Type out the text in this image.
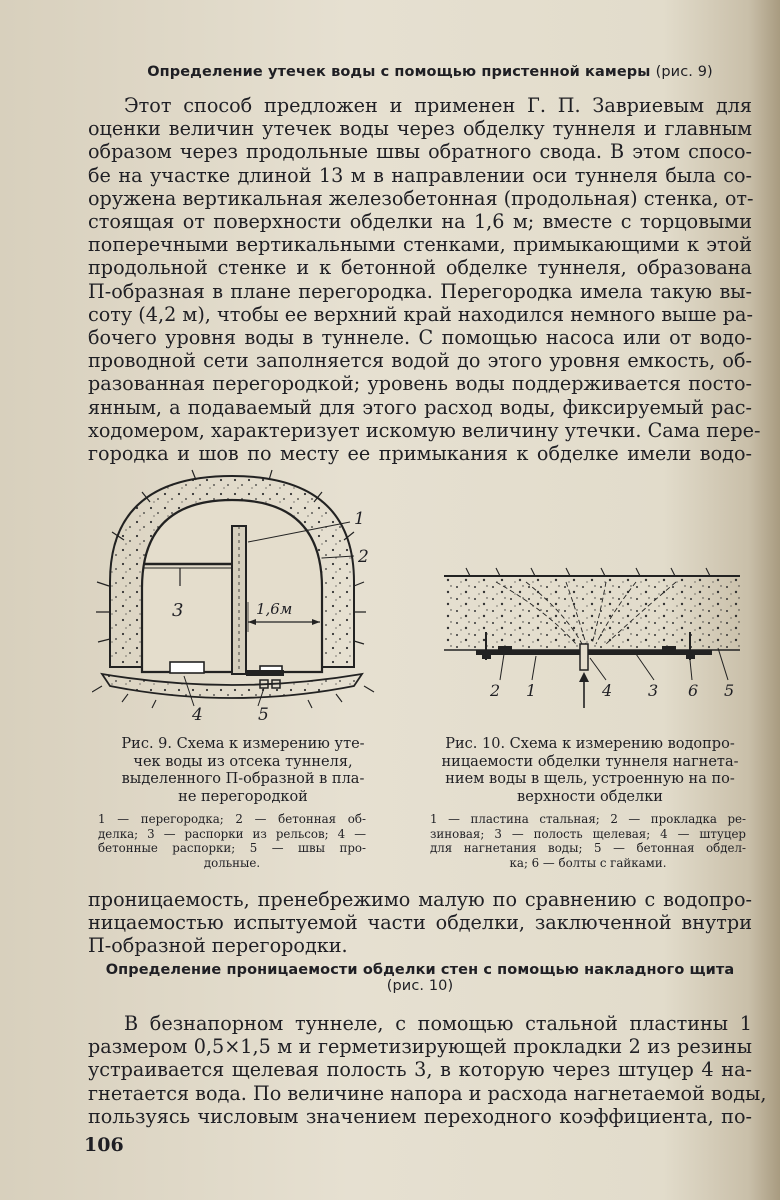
Определение утечек воды с помощью пристенной камеры (рис. 9)
Этот способ предложен и применен Г. П. Завриевым для
оценки величин утечек воды через обделку туннеля и главным
образом через продольные швы обратного свода. В этом спосо-
бе на участке длиной 13 м в направлении оси туннеля была со-
оружена вертикальная железобетонная (продольная) стенка, от-
стоящая от поверхности обделки на 1,6 м; вместе с торцовыми
поперечными вертикальными стенками, примыкающими к этой
продольной стенке и к бетонной обделке туннеля, образована
П-образная в плане перегородка. Перегородка имела такую вы-
соту (4,2 м), чтобы ее верхний край находился немного выше ра-
бочего уровня воды в туннеле. С помощью насоса или от водо-
проводной сети заполняется водой до этого уровня емкость, об-
разованная перегородкой; уровень воды поддерживается посто-
янным, а подаваемый для этого расход воды, фиксируемый рас-
ходомером, характеризует искомую величину утечки. Сама пере-
городка и шов по месту ее примыкания к обделке имели водо-
1,6м
1
2
3
4	5
2 1	4 3 6 5
Рис. 9. Схема к измерению уте-
чек воды из отсека туннеля,
выделенного П-образной в пла-
не перегородкой
1 — перегородка; 2 — бетонная об-
делка; 3 — распорки из рельсов; 4 —
бетонные распорки; 5 — швы про-
дольные.
Рис. 10. Схема к измерению водопро-
ницаемости обделки туннеля нагнета-
нием воды в щель, устроенную на по-
верхности обделки
1 — пластина стальная; 2 — прокладка ре-
зиновая; 3 — полость щелевая; 4 — штуцер
для нагнетания воды; 5 — бетонная обдел-
ка; 6 — болты с гайками.
проницаемость, пренебрежимо малую по сравнению с водопро-
ницаемостью испытуемой части обделки, заключенной внутри
П-образной перегородки.
Определение проницаемости обделки стен с помощью накладного щита
(рис. 10)
В безнапорном туннеле, с помощью стальной пластины 1
размером 0,5×1,5 м и герметизирующей прокладки 2 из резины
устраивается щелевая полость 3, в которую через штуцер 4 на-
гнетается вода. По величине напора и расхода нагнетаемой воды,
пользуясь числовым значением переходного коэффициента, по-
106
